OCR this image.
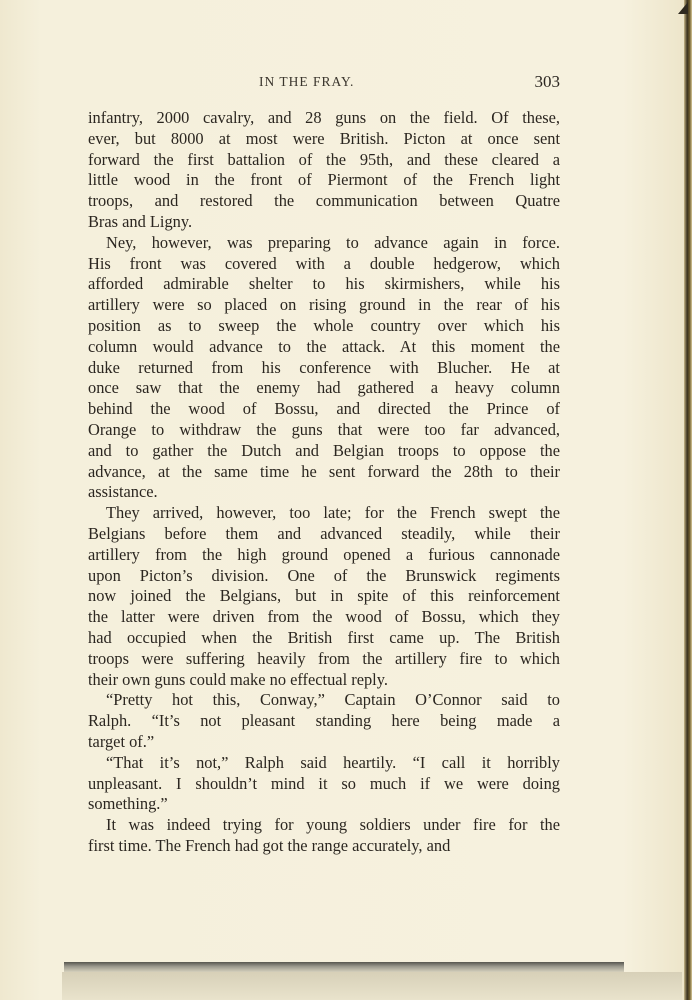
IN THE FRAY.	303
infantry, 2000 cavalry, and 28 guns on the field. Of these,
ever, but 8000 at most were British. Picton at once sent
forward the first battalion of the 95th, and these cleared a
little wood in the front of Piermont of the French light
troops, and restored the communication between Quatre
Bras and Ligny.
Ney, however, was preparing to advance again in force.
His front was covered with a double hedgerow, which
afforded admirable shelter to his skirmishers, while his
artillery were so placed on rising ground in the rear of his
position as to sweep the whole country over which his
column would advance to the attack. At this moment the
duke returned from his conference with Blucher. He at
once saw that the enemy had gathered a heavy column
behind the wood of Bossu, and directed the Prince of
Orange to withdraw the guns that were too far advanced,
and to gather the Dutch and Belgian troops to oppose the
advance, at the same time he sent forward the 28th to their
assistance.
They arrived, however, too late; for the French swept the
Belgians before them and advanced steadily, while their
artillery from the high ground opened a furious cannonade
upon Picton’s division. One of the Brunswick regiments
now joined the Belgians, but in spite of this reinforcement
the latter were driven from the wood of Bossu, which they
had occupied when the British first came up. The British
troops were suffering heavily from the artillery fire to which
their own guns could make no effectual reply.
“Pretty hot this, Conway,” Captain O’Connor said to
Ralph. “It’s not pleasant standing here being made a
target of.”
“That it’s not,” Ralph said heartily. “I call it horribly
unpleasant. I shouldn’t mind it so much if we were doing
something.”
It was indeed trying for young soldiers under fire for the
first time. The French had got the range accurately, and
